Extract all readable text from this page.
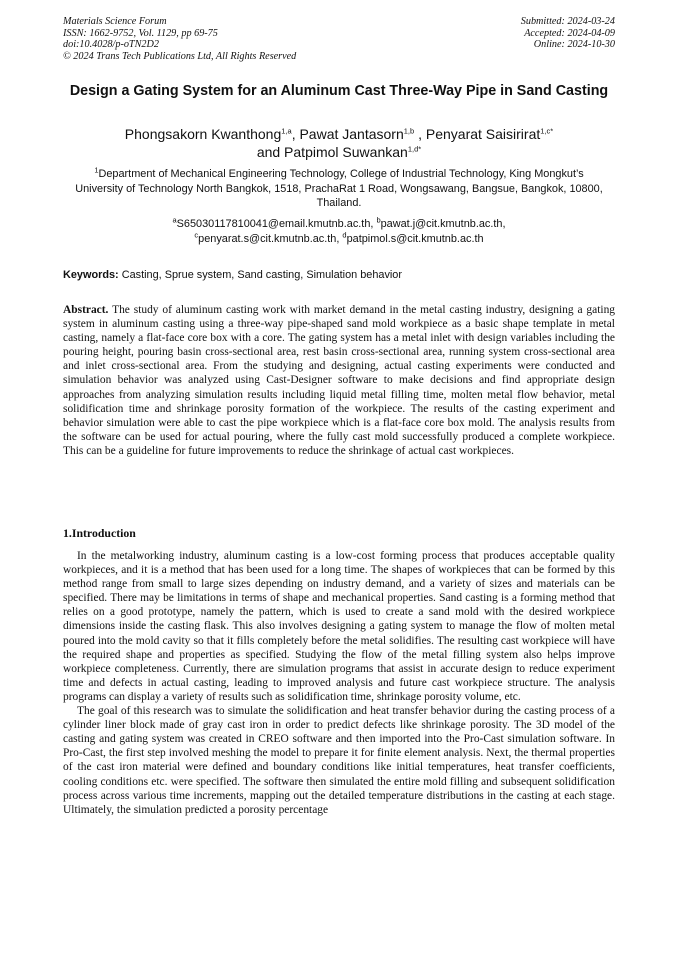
Materials Science Forum
ISSN: 1662-9752, Vol. 1129, pp 69-75
doi:10.4028/p-oTN2D2
© 2024 Trans Tech Publications Ltd, All Rights Reserved
Submitted: 2024-03-24
Accepted: 2024-04-09
Online: 2024-10-30
Design a Gating System for an Aluminum Cast Three-Way Pipe in Sand Casting
Phongsakorn Kwanthong$^{1,a}$, Pawat Jantasorn$^{1,b}$ , Penyarat Saisirirat$^{1,c*}$
and Patpimol Suwankan$^{1,d*}$
$^1$Department of Mechanical Engineering Technology, College of Industrial Technology, King Mongkut’s University of Technology North Bangkok, 1518, PrachaRat 1 Road, Wongsawang, Bangsue, Bangkok, 10800, Thailand.
$^a$S65030117810041@email.kmutnb.ac.th, $^b$pawat.j@cit.kmutnb.ac.th,
$^c$penyarat.s@cit.kmutnb.ac.th, $^d$patpimol.s@cit.kmutnb.ac.th
Keywords: Casting, Sprue system, Sand casting, Simulation behavior
Abstract. The study of aluminum casting work with market demand in the metal casting industry, designing a gating system in aluminum casting using a three-way pipe-shaped sand mold workpiece as a basic shape template in metal casting, namely a flat-face core box with a core. The gating system has a metal inlet with design variables including the pouring height, pouring basin cross-sectional area, rest basin cross-sectional area, running system cross-sectional area and inlet cross-sectional area. From the studying and designing, actual casting experiments were conducted and simulation behavior was analyzed using Cast-Designer software to make decisions and find appropriate design approaches from analyzing simulation results including liquid metal filling time, molten metal flow behavior, metal solidification time and shrinkage porosity formation of the workpiece. The results of the casting experiment and behavior simulation were able to cast the pipe workpiece which is a flat-face core box mold. The analysis results from the software can be used for actual pouring, where the fully cast mold successfully produced a complete workpiece. This can be a guideline for future improvements to reduce the shrinkage of actual cast workpieces.
1.Introduction

In the metalworking industry, aluminum casting is a low-cost forming process that produces acceptable quality workpieces, and it is a method that has been used for a long time. The shapes of workpieces that can be formed by this method range from small to large sizes depending on industry demand, and a variety of sizes and materials can be specified. There may be limitations in terms of shape and mechanical properties. Sand casting is a forming method that relies on a good prototype, namely the pattern, which is used to create a sand mold with the desired workpiece dimensions inside the casting flask. This also involves designing a gating system to manage the flow of molten metal poured into the mold cavity so that it fills completely before the metal solidifies. The resulting cast workpiece will have the required shape and properties as specified. Studying the flow of the metal filling system also helps improve workpiece completeness. Currently, there are simulation programs that assist in accurate design to reduce experiment time and defects in actual casting, leading to improved analysis and future cast workpiece structure. The analysis programs can display a variety of results such as solidification time, shrinkage porosity volume, etc.

The goal of this research was to simulate the solidification and heat transfer behavior during the casting process of a cylinder liner block made of gray cast iron in order to predict defects like shrinkage porosity. The 3D model of the casting and gating system was created in CREO software and then imported into the Pro-Cast simulation software. In Pro-Cast, the first step involved meshing the model to prepare it for finite element analysis. Next, the thermal properties of the cast iron material were defined and boundary conditions like initial temperatures, heat transfer coefficients, cooling conditions etc. were specified. The software then simulated the entire mold filling and subsequent solidification process across various time increments, mapping out the detailed temperature distributions in the casting at each stage. Ultimately, the simulation predicted a porosity percentage
